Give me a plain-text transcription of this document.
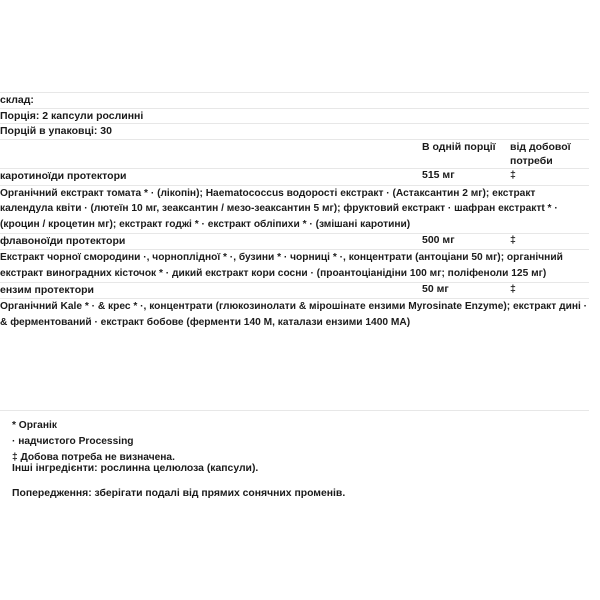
склад:		
Порція: 2 капсули рослинні		
Порцій в упаковці: 30		
	В одній порції	від добової потреби
каротиноїди протектори	515 мг	‡
Органічний екстракт томата * · (лікопін); Haematococcus водорості екстракт · (Астаксантин 2 мг); екстракт календула квіти · (лютеїн 10 мг, зеаксантин / мезо-зеаксантин 5 мг); фруктовий екстракт · шафран екстрактt * · (кроцин / кроцетин мг); екстракт годжі * · екстракт обліпихи * · (змішані каротини)		
флавоноїди протектори	500 мг	‡
Екстракт чорної смородини ·, чорноплідної * ·, бузини * · чорниці * ·, концентрати (антоціани 50 мг); органічний екстракт виноградних кісточок * · дикий екстракт кори сосни · (проантоціанідіни 100 мг; поліфеноли 125 мг)		
ензим протектори	50 мг	‡
Органічний Kale * · & крес * ·, концентрати (глюкозинолати & мірошінате ензими Myrosinate Enzyme); екстракт дині · & ферментований · екстракт бобове (ферменти 140 М, каталази ензими 1400 МА)		
* Органік
· надчистого Processing
‡ Добова потреба не визначена.
Інші інгредієнти: рослинна целюлоза (капсули).
Попередження: зберігати подалі від прямих сонячних променів.
